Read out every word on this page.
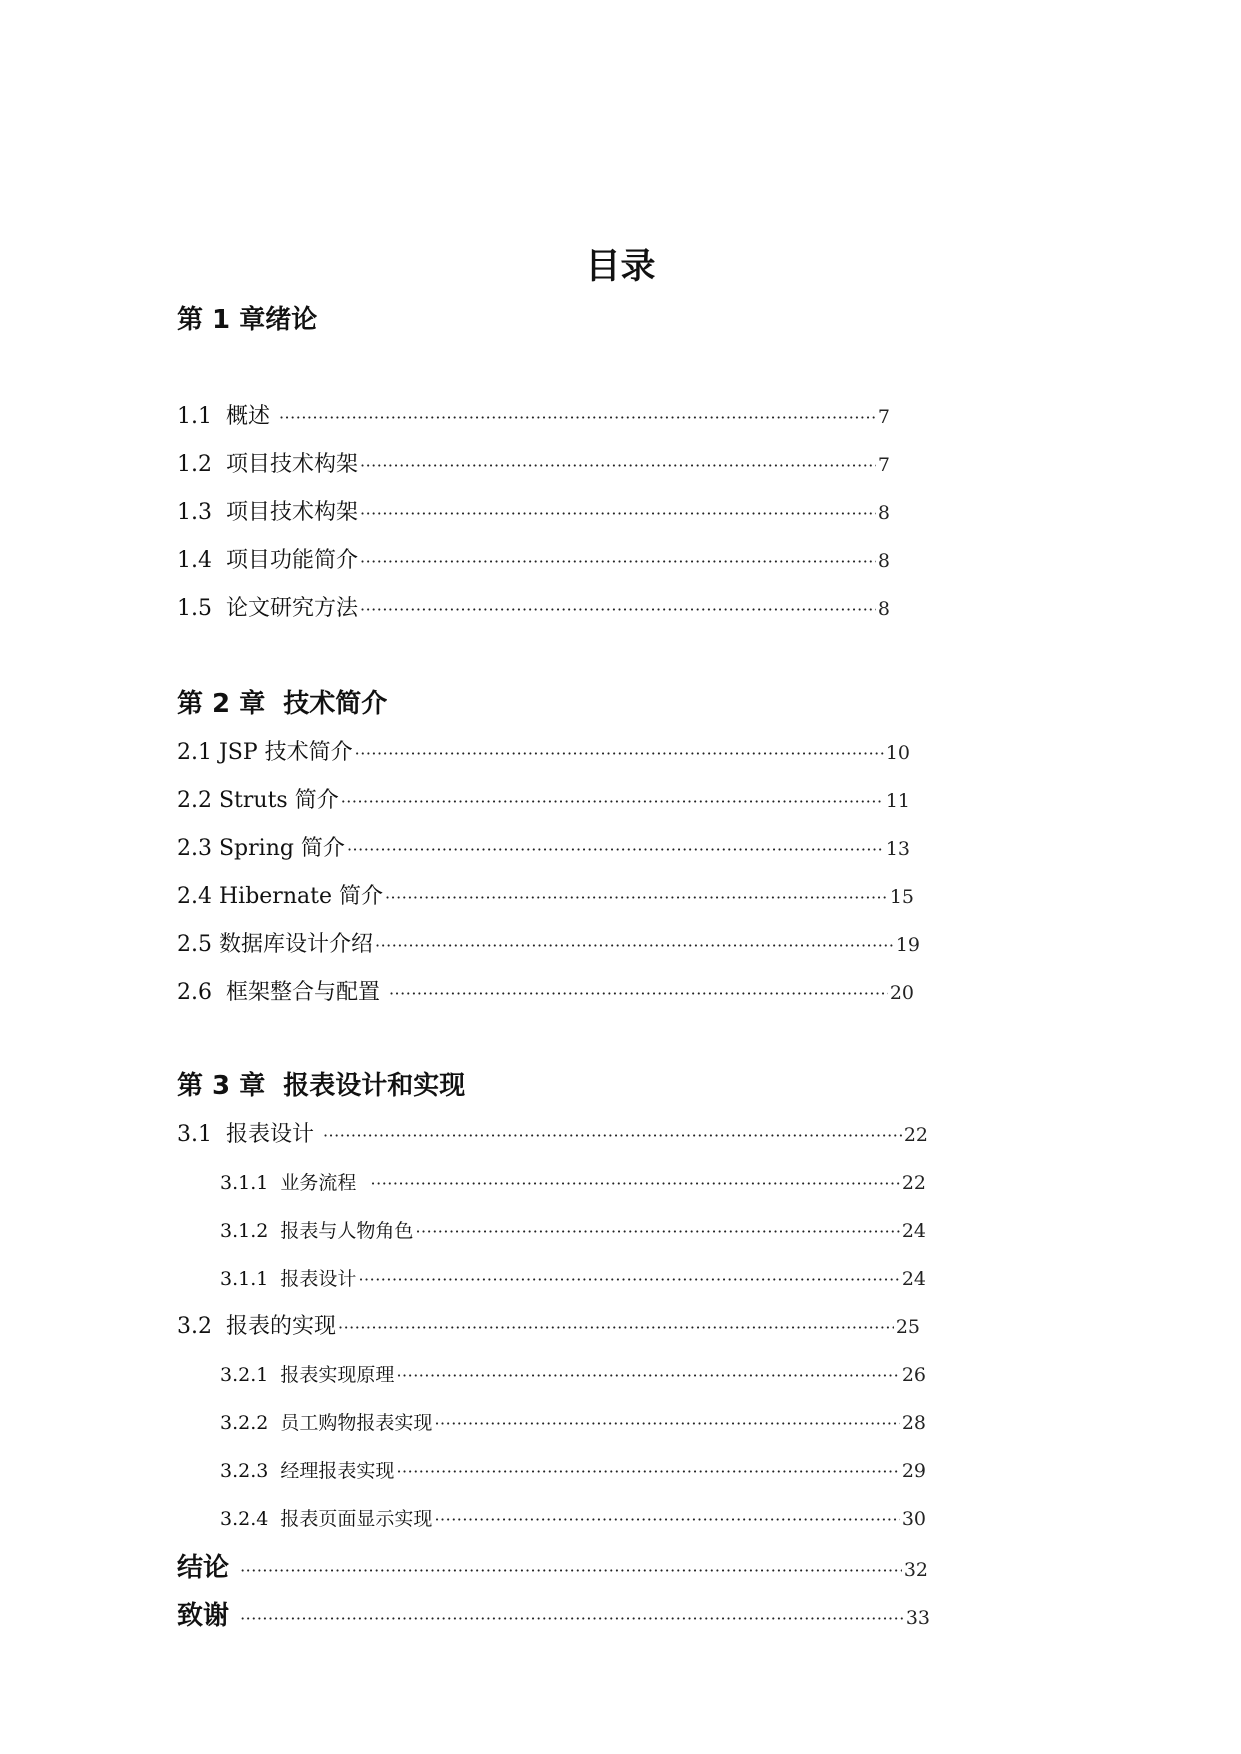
目录
第 1 章绪论
1.1  概述 ·····	7
1.2  项目技术构架 ·····	7
1.3  项目技术构架 ·····	8
1.4  项目功能简介 ·····	8
1.5  论文研究方法 ·····	8
第 2 章  技术简介
2.1 JSP 技术简介 ·····	10
2.2 Struts 简介 ·····	11
2.3 Spring 简介 ·····	13
2.4 Hibernate 简介 ·····	15
2.5 数据库设计介绍 ·····	19
2.6  框架整合与配置 ·····	20
第 3 章  报表设计和实现
3.1  报表设计 ·····	22
3.1.1  业务流程 ·····	22
3.1.2  报表与人物角色 ·····	24
3.1.1  报表设计 ·····	24
3.2  报表的实现 ·····	25
3.2.1  报表实现原理 ·····	26
3.2.2  员工购物报表实现 ·····	28
3.2.3  经理报表实现 ·····	29
3.2.4  报表页面显示实现 ·····	30
结论 ·····	32
致谢 ·····	33
